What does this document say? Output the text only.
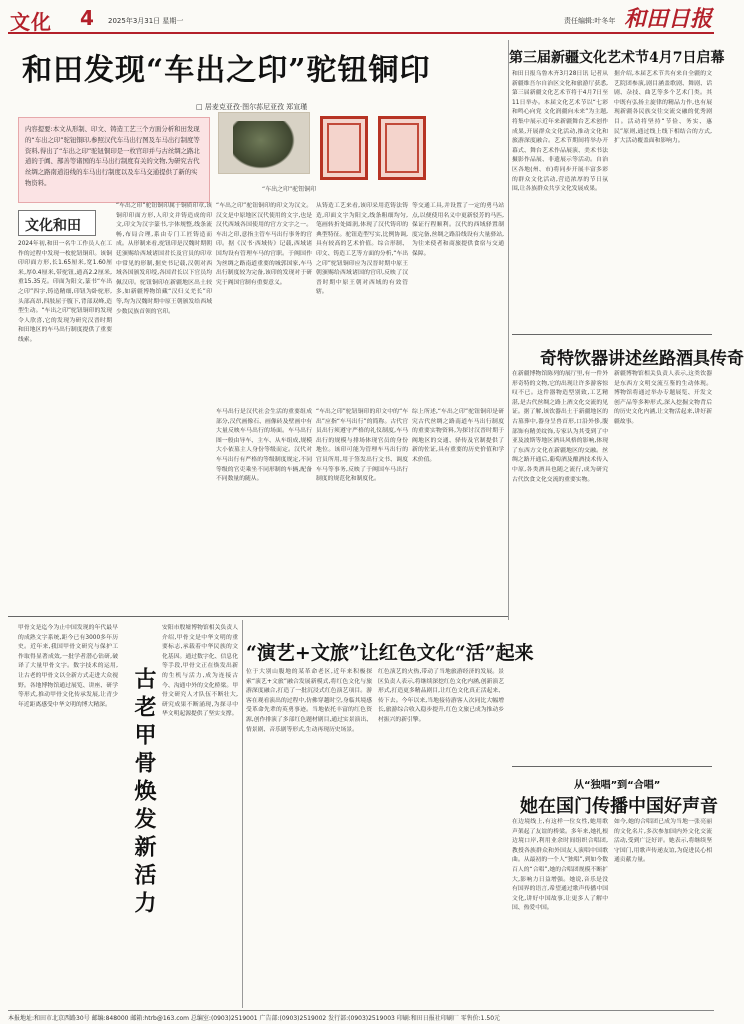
文化 4 2025年3月31日 星期一	责任编辑:叶冬年 和田日报
和田发现“车出之印”驼钮铜印
□ 居麦克亚孜·图尔荪尼亚孜 郑宣瑾
内容提要:本文从形制、印文、铸造工艺三个方面分析和田发现的“车出之印”驼钮铜印,参照汉代车马出行图及车马出行制度等资料,得出了“车出之印”驼钮铜印是一枚官印并与古丝绸之路北道的于阗、鄯善等诸国的车马出行制度有关的文物,为研究古代丝绸之路南道沿线的车马出行制度以及车马交通提供了新的实物资料。
“车出之印”驼钮铜印
文化和田
2024年初,和田一名牛工作员人在工作的过程中发现一枚驼钮铜印。该铜印印面方形,长1.65厘米,宽1.60厘米,厚0.4厘米,带驼钮,通高2.2厘米,重15.35克。印面为阳文,篆书“车出之印”四字,铸造精细,印钮为卧驼形,头部高昂,四肢屈于腹下,背部双峰,造型生动。“车出之印”驼钮铜印的发现令人欣喜,它的发现为研究汉晋时期和田地区的车马出行制度提供了重要线索。
“车出之印”驼钮铜印属于铜质印章,该铜印印面方形,人印文并铸造成的印文,印文为汉字篆书,字体规整,线条流畅,布局合理,系由专门工匠铸造而成。从形制来看,驼钮印是汉魏时期朝廷颁赐给西域诸国君长及官员的印章中常见的形制,据史书记载,汉朝对西域各国颁发印绶,各国君长以下官员均佩汉印。驼钮铜印在新疆地区出土较多,如新疆博物馆藏“汉归义羌长”印等,均为汉魏时期中原王朝颁发给西域少数民族首领的官印。
“车出之印”驼钮铜印的印文为汉文。汉文是中原地区汉代使用的文字,也是汉代西域各国使用的官方文字之一。车出之印,意指主管车马出行事务的官印。据《汉书·西域传》记载,西域诸国均设有管理车马的官职。于阗国作为丝绸之路南道重要的城郭国家,车马出行制度较为完备,该印的发现对于研究于阗国官制有重要意义。
从铸造工艺来看,该印采用范铸法铸造,印面文字为阳文,线条粗细均匀,笔画转折处圆润,体现了汉代铸印的典型特征。驼钮造型写实,比例协调,具有较高的艺术价值。综合形制、印文、铸造工艺等方面的分析,“车出之印”驼钮铜印应为汉晋时期中原王朝颁赐给西域诸国的官印,反映了汉晋时期中原王朝对西域的有效管辖。
等交通工具,并设置了一定的勇马站点,以便使用名义中更新驳芳的马匹,保证行程顺利。汉代的西域驿置制度完备,丝绸之路沿线设有大量驿站,为往来使者和商旅提供食宿与交通保障。
车马出行是汉代社会生活的重要组成部分,汉代画像石、画像砖及壁画中有大量反映车马出行的场面。车马出行图一般由导车、主车、从车组成,规模大小依墓主人身份等级而定。汉代对车马出行有严格的等级制度规定,不同等级的官吏乘坐不同形制的车辆,配备不同数量的随从。
“车出之印”驼钮铜印的印文中的“车出”应指“车马出行”的简称。古代官员出行须遵守严格的礼仪制度,车马出行的规模与排场体现官员的身份地位。该印可能为管理车马出行的官员所用,用于签发出行文书、调度车马等事务,反映了于阗国车马出行制度的规范化和制度化。
综上所述,“车出之印”驼钮铜印是研究古代丝绸之路南道车马出行制度的重要实物资料,为探讨汉晋时期于阗地区的交通、驿传及官制提供了新的佐证,具有重要的历史价值和学术价值。
第三届新疆文化艺术节4月7日启幕
和田日报乌鲁木齐3月28日讯 记者从新疆维吾尔自治区文化和旅游厅获悉,第三届新疆文化艺术节将于4月7日至11日举办。本届文化艺术节以“七彩和鸣心向党 文化润疆向未来”为主题,将集中展示近年来新疆舞台艺术创作成果,开展群众文化活动,推动文化和旅游深度融合。艺术节期间将举办开幕式、舞台艺术作品展演、美术书法摄影作品展、非遗展示等活动。自治区各地(州、市)将同步开展丰富多彩的群众文化活动,营造浓厚的节日氛围,让各族群众共享文化发展成果。
据介绍,本届艺术节共有来自全疆的文艺院团参演,剧目涵盖歌剧、舞剧、话剧、杂技、曲艺等多个艺术门类。其中既有弘扬主旋律的精品力作,也有展现新疆各民族交往交流交融的优秀剧目。活动将坚持“节俭、务实、惠民”原则,通过线上线下相结合的方式,扩大活动覆盖面和影响力。
奇特饮器讲述丝路酒具传奇
在新疆博物馆陈列的展厅里,有一件外形奇特的文物,它的出现让许多游客惊叹不已。这件器物造型别致,工艺精湛,是古代丝绸之路上酒文化交流的见证。据了解,该饮器出土于新疆地区的古墓葬中,器身呈兽首形,口沿外侈,腹部饰有精美纹饰,专家认为其受到了中亚及波斯等地区酒具风格的影响,体现了东西方文化在新疆地区的交融。丝绸之路开通后,葡萄酒及酿酒技术传入中原,各类酒具也随之流行,成为研究古代饮食文化交流的重要实物。
新疆博物馆相关负责人表示,这类饮器是东西方文明交流互鉴的生动体现。博物馆将通过举办专题展览、开发文创产品等多种形式,深入挖掘文物背后的历史文化内涵,让文物活起来,讲好新疆故事。
甲骨文是迄今为止中国发现的年代最早的成熟文字系统,距今已有3000多年历史。近年来,我国甲骨文研究与保护工作取得显著成效,一批学者潜心钻研,破译了大量甲骨文字。数字技术的运用,让古老的甲骨文以全新方式走进大众视野。各地博物馆通过展览、讲座、研学等形式,推动甲骨文化传承发展,让青少年近距离感受中华文明的博大精深。 古老甲骨焕发新活力
安阳市殷墟博物馆相关负责人介绍,甲骨文是中华文明的重要标志,承载着中华民族的文化基因。通过数字化、信息化等手段,甲骨文正在焕发出新的生机与活力,成为连接古今、沟通中外的文化桥梁。甲骨文研究人才队伍不断壮大,研究成果不断涌现,为探寻中华文明起源提供了坚实支撑。
“演艺+文旅”让红色文化“活”起来
位于大别山腹地的某革命老区,近年来积极探索“演艺+文旅”融合发展新模式,将红色文化与旅游深度融合,打造了一批沉浸式红色演艺项目。游客在观看演出的过程中,仿佛穿越时空,身临其境感受革命先辈的英勇事迹。当地依托丰富的红色资源,创作排演了多部红色题材剧目,通过实景演出、情景剧、音乐剧等形式,生动再现历史场景。
红色演艺的火热,带动了当地旅游经济的发展。景区负责人表示,将继续深挖红色文化内涵,创新演艺形式,打造更多精品剧目,让红色文化真正活起来、传下去。今年以来,当地接待游客人次同比大幅增长,旅游综合收入稳步提升,红色文旅已成为推动乡村振兴的新引擎。
从“独唱”到“合唱”
她在国门传播中国好声音
在边境线上,有这样一位女性,她用歌声架起了友谊的桥梁。多年来,她扎根边境口岸,利用业余时间组织合唱团,教授各族群众和外国友人演唱中国歌曲。从最初的一个人“独唱”,到如今数百人的“合唱”,她的合唱团规模不断扩大,影响力日益增强。她说,音乐是没有国界的语言,希望通过歌声传播中国文化,讲好中国故事,让更多人了解中国、热爱中国。
如今,她的合唱团已成为当地一张亮丽的文化名片,多次参加国内外文化交流活动,受到广泛好评。她表示,将继续坚守国门,用歌声传递友谊,为促进民心相通贡献力量。
本报地址:和田市北京西路30号 邮编:848000 邮箱:htrb@163.com 总编室:(0903)2519001 广告部:(0903)2519002 发行部:(0903)2519003 印刷:和田日报社印刷厂 零售价:1.50元
